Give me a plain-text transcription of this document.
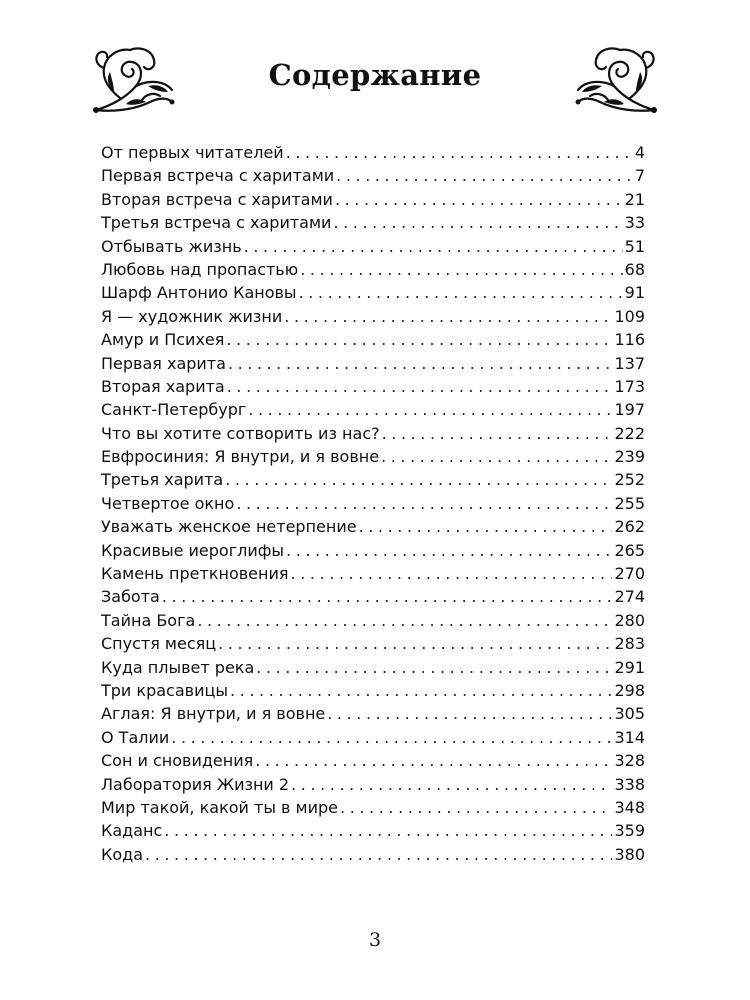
Содержание
От первых читателей . . .	4
Первая встреча с харитами . . .	7
Вторая встреча с харитами . . .	21
Третья встреча с харитами . . .	33
Отбывать жизнь . . .	51
Любовь над пропастью . . .	68
Шарф Антонио Кановы . . .	91
Я — художник жизни . . .	109
Амур и Психея . . .	116
Первая харита . . .	137
Вторая харита . . .	173
Санкт-Петербург . . .	197
Что вы хотите сотворить из нас? . . .	222
Евфросиния: Я внутри, и я вовне . . .	239
Третья харита . . .	252
Четвертое окно . . .	255
Уважать женское нетерпение . . .	262
Красивые иероглифы . . .	265
Камень преткновения . . .	270
Забота . . .	274
Тайна Бога . . .	280
Спустя месяц . . .	283
Куда плывет река . . .	291
Три красавицы . . .	298
Аглая: Я внутри, и я вовне . . .	305
О Талии . . .	314
Сон и сновидения . . .	328
Лаборатория Жизни 2 . . .	338
Мир такой, какой ты в мире . . .	348
Каданс . . .	359
Кода . . .	380
3
